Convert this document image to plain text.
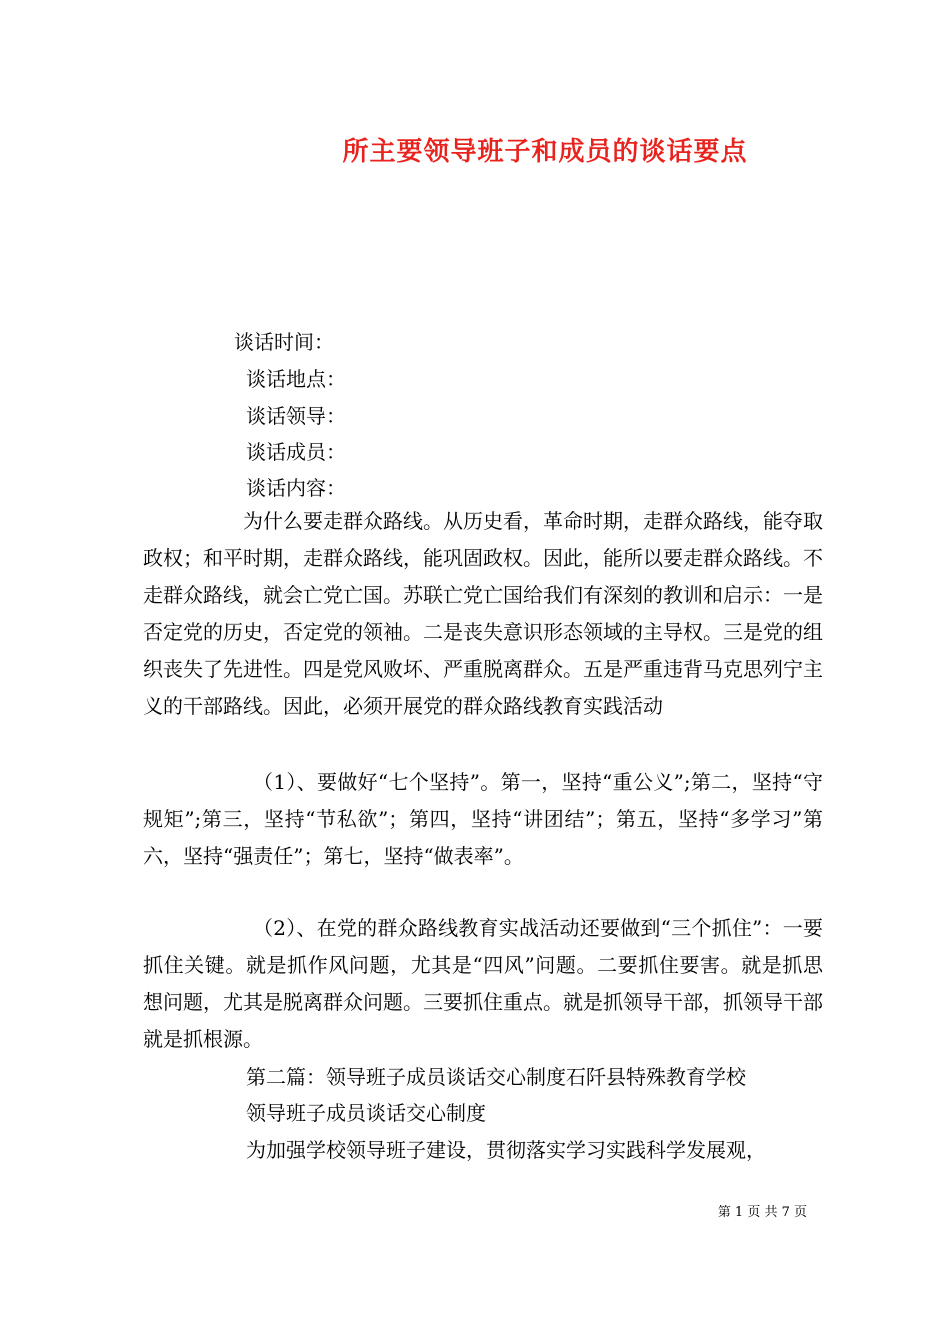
所主要领导班子和成员的谈话要点
谈话时间：
谈话地点：
谈话领导：
谈话成员：
谈话内容：
为什么要走群众路线。从历史看，革命时期，走群众路线，能夺取政权；和平时期，走群众路线，能巩固政权。因此，能所以要走群众路线。不走群众路线，就会亡党亡国。苏联亡党亡国给我们有深刻的教训和启示：一是否定党的历史，否定党的领袖。二是丧失意识形态领域的主导权。三是党的组织丧失了先进性。四是党风败坏、严重脱离群众。五是严重违背马克思列宁主义的干部路线。因此，必须开展党的群众路线教育实践活动
（1）、要做好“七个坚持”。第一，坚持“重公义”;第二，坚持“守规矩”;第三，坚持“节私欲”；第四，坚持“讲团结”；第五，坚持“多学习”第六，坚持“强责任”；第七，坚持“做表率”。
（2）、在党的群众路线教育实战活动还要做到“三个抓住”：一要抓住关键。就是抓作风问题，尤其是“四风”问题。二要抓住要害。就是抓思想问题，尤其是脱离群众问题。三要抓住重点。就是抓领导干部，抓领导干部就是抓根源。
第二篇：领导班子成员谈话交心制度石阡县特殊教育学校
领导班子成员谈话交心制度
为加强学校领导班子建设，贯彻落实学习实践科学发展观，
第 1 页 共 7 页
